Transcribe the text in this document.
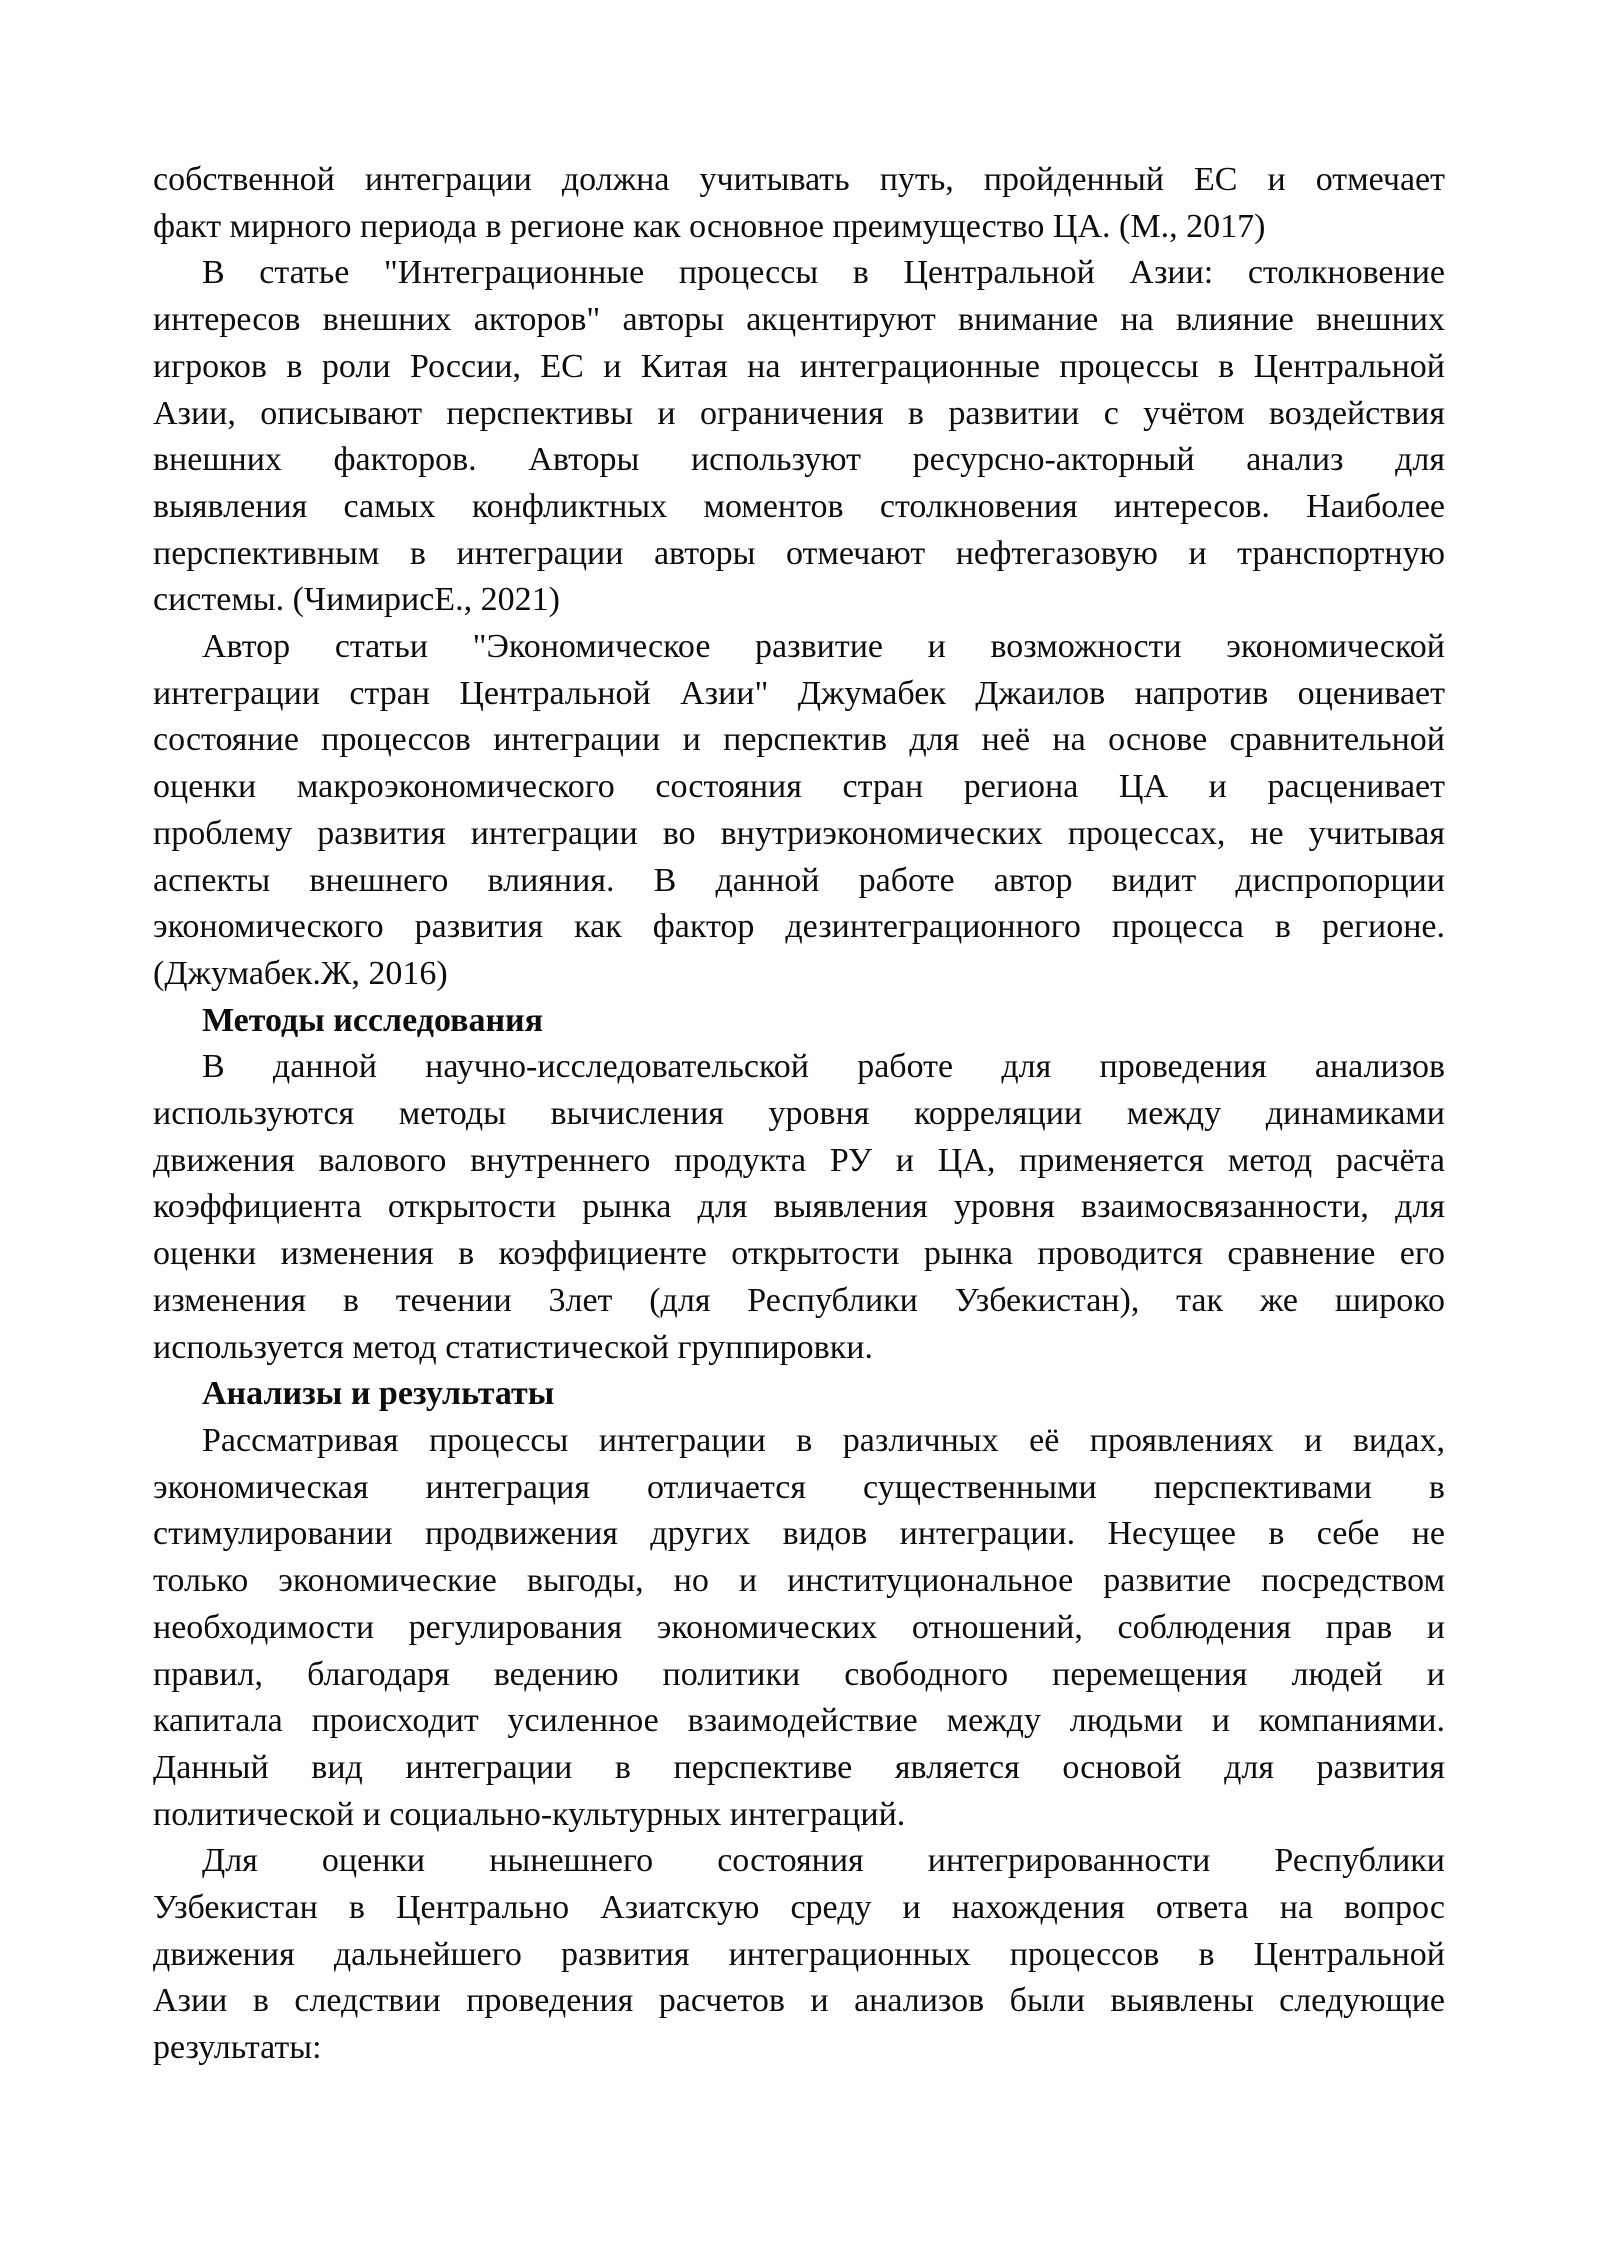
собственной интеграции должна учитывать путь, пройденный ЕС и отмечает
факт мирного периода в регионе как основное преимущество ЦА. (М., 2017)
В статье "Интеграционные процессы в Центральной Азии: столкновение
интересов внешних акторов" авторы акцентируют внимание на влияние внешних
игроков в роли России, ЕС и Китая на интеграционные процессы в Центральной
Азии, описывают перспективы и ограничения в развитии с учётом воздействия
внешних факторов. Авторы используют ресурсно-акторный анализ для
выявления самых конфликтных моментов столкновения интересов. Наиболее
перспективным в интеграции авторы отмечают нефтегазовую и транспортную
системы. (ЧимирисЕ., 2021)
Автор статьи "Экономическое развитие и возможности экономической
интеграции стран Центральной Азии" Джумабек Джаилов напротив оценивает
состояние процессов интеграции и перспектив для неё на основе сравнительной
оценки макроэкономического состояния стран региона ЦА и расценивает
проблему развития интеграции во внутриэкономических процессах, не учитывая
аспекты внешнего влияния. В данной работе автор видит диспропорции
экономического развития как фактор дезинтеграционного процесса в регионе.
(Джумабек.Ж, 2016)
Методы исследования
В данной научно-исследовательской работе для проведения анализов
используются методы вычисления уровня корреляции между динамиками
движения валового внутреннего продукта РУ и ЦА, применяется метод расчёта
коэффициента открытости рынка для выявления уровня взаимосвязанности, для
оценки изменения в коэффициенте открытости рынка проводится сравнение его
изменения в течении 3лет (для Республики Узбекистан), так же широко
используется метод статистической группировки.
Анализы и результаты
Рассматривая процессы интеграции в различных её проявлениях и видах,
экономическая интеграция отличается существенными перспективами в
стимулировании продвижения других видов интеграции. Несущее в себе не
только экономические выгоды, но и институциональное развитие посредством
необходимости регулирования экономических отношений, соблюдения прав и
правил, благодаря ведению политики свободного перемещения людей и
капитала происходит усиленное взаимодействие между людьми и компаниями.
Данный вид интеграции в перспективе является основой для развития
политической и социально-культурных интеграций.
Для оценки нынешнего состояния интегрированности Республики
Узбекистан в Центрально Азиатскую среду и нахождения ответа на вопрос
движения дальнейшего развития интеграционных процессов в Центральной
Азии в следствии проведения расчетов и анализов были выявлены следующие
результаты:
